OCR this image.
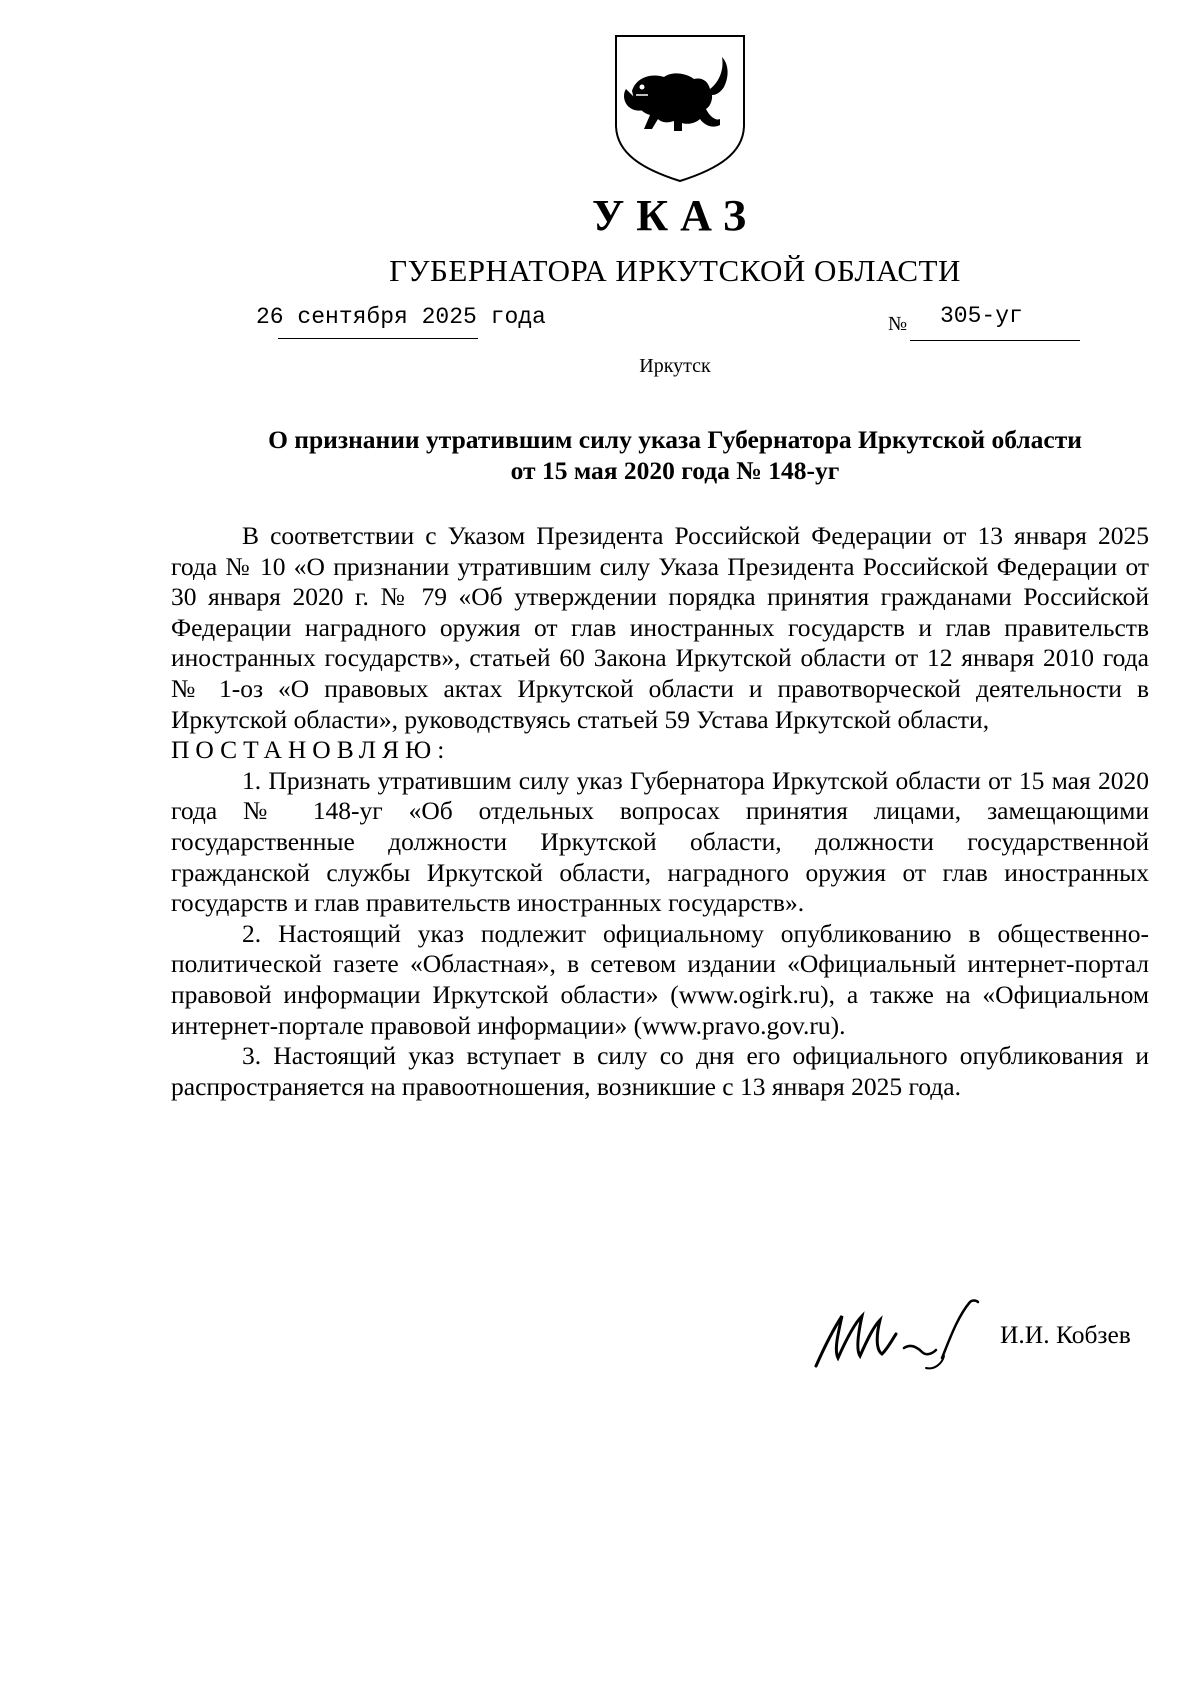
УКАЗ
ГУБЕРНАТОРА ИРКУТСКОЙ ОБЛАСТИ
26 сентября 2025 года	№ 305-уг
Иркутск
О признании утратившим силу указа Губернатора Иркутской области
от 15 мая 2020 года № 148-уг

В соответствии с Указом Президента Российской Федерации от 13 января 2025 года № 10 «О признании утратившим силу Указа Президента Российской Федерации от 30 января 2020 г. № 79 «Об утверждении порядка принятия гражданами Российской Федерации наградного оружия от глав иностранных государств и глав правительств иностранных государств», статьей 60 Закона Иркутской области от 12 января 2010 года № 1-оз «О правовых актах Иркутской области и правотворческой деятельности в Иркутской области», руководствуясь статьей 59 Устава Иркутской области,

ПОСТАНОВЛЯЮ:

1. Признать утратившим силу указ Губернатора Иркутской области от 15 мая 2020 года № 148-уг «Об отдельных вопросах принятия лицами, замещающими государственные должности Иркутской области, должности государственной гражданской службы Иркутской области, наградного оружия от глав иностранных государств и глав правительств иностранных государств».

2. Настоящий указ подлежит официальному опубликованию в общественно-политической газете «Областная», в сетевом издании «Официальный интернет-портал правовой информации Иркутской области» (www.ogirk.ru), а также на «Официальном интернет-портале правовой информации» (www.pravo.gov.ru).

3. Настоящий указ вступает в силу со дня его официального опубликования и распространяется на правоотношения, возникшие с 13 января 2025 года.

И.И. Кобзев
